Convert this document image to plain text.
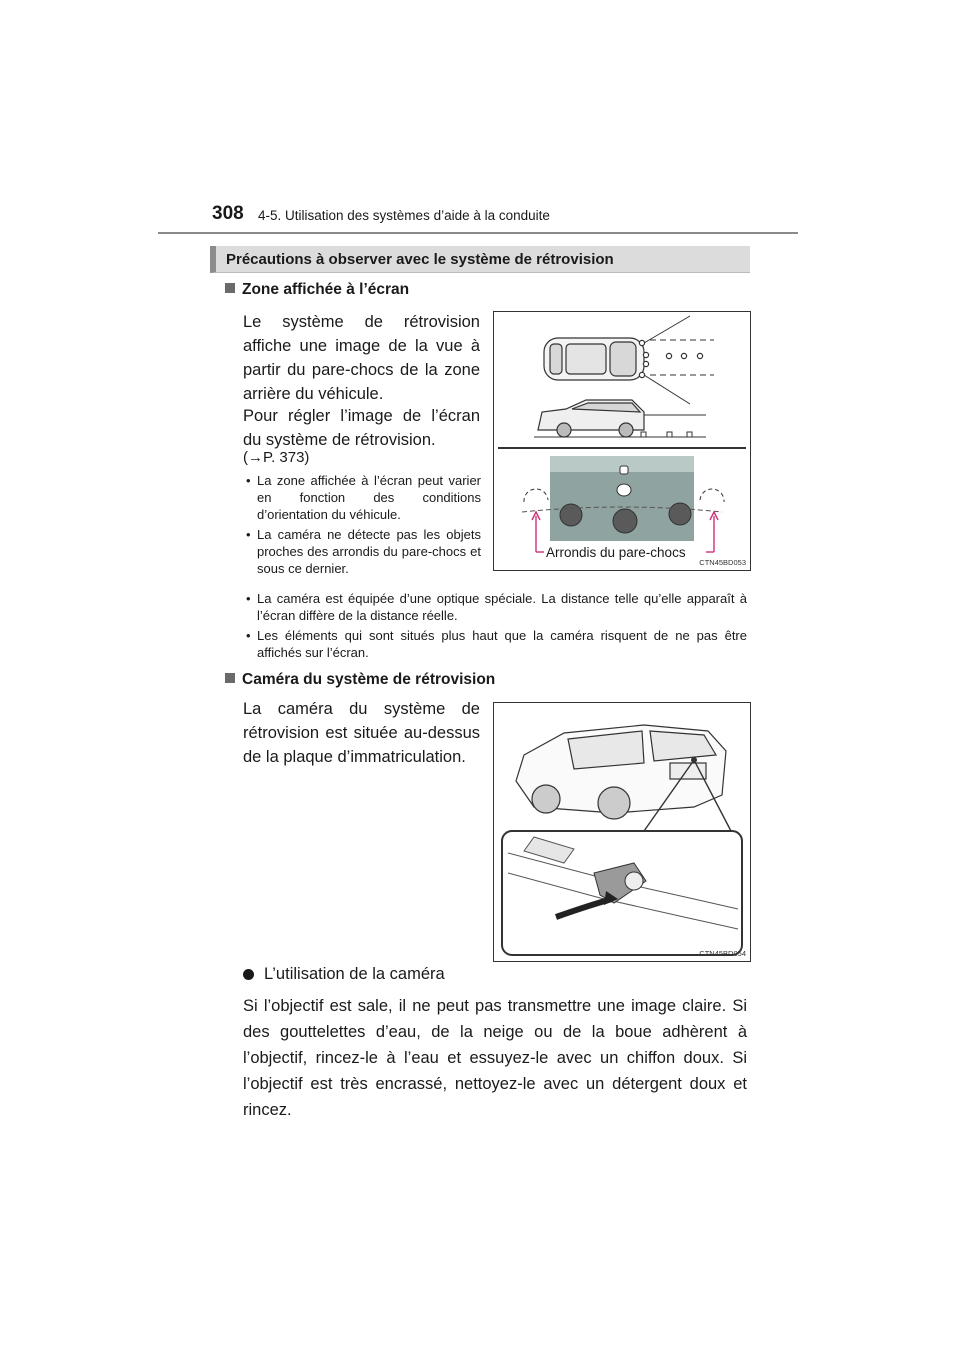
308 4-5. Utilisation des systèmes d’aide à la conduite
Précautions à observer avec le système de rétrovision
Zone affichée à l’écran
Le système de rétrovision affiche une image de la vue à partir du pare-chocs de la zone arrière du véhicule.
Pour régler l’image de l’écran du système de rétrovision.
(→P. 373)
• La zone affichée à l’écran peut varier en fonction des conditions d’orientation du véhicule.
• La caméra ne détecte pas les objets proches des arrondis du pare-chocs et sous ce dernier.
• La caméra est équipée d’une optique spéciale. La distance telle qu’elle apparaît à l’écran diffère de la distance réelle.
• Les éléments qui sont situés plus haut que la caméra risquent de ne pas être affichés sur l’écran.
Arrondis du pare-chocs
CTN45BD053
Caméra du système de rétrovision
La caméra du système de rétrovision est située au-dessus de la plaque d’immatriculation.
CTN45BD054
L’utilisation de la caméra
Si l’objectif est sale, il ne peut pas transmettre une image claire. Si des gouttelettes d’eau, de la neige ou de la boue adhèrent à l’objectif, rincez-le à l’eau et essuyez-le avec un chiffon doux. Si l’objectif est très encrassé, nettoyez-le avec un détergent doux et rincez.
